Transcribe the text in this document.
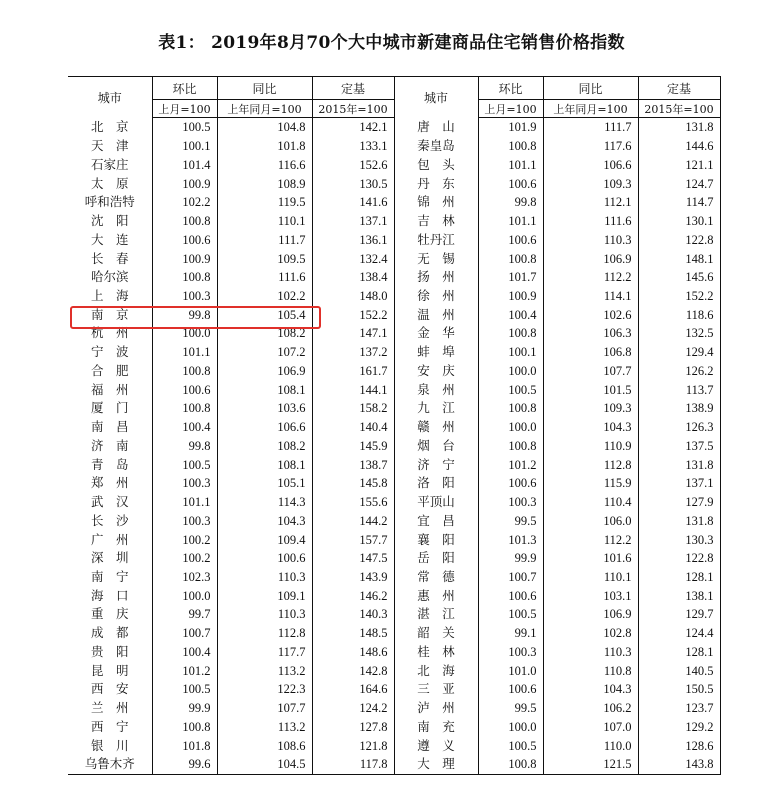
表1： 2019年8月70个大中城市新建商品住宅销售价格指数
城市	环比	同比	定基	城市	环比	同比	定基
	上月=100	上年同月=100	2015年=100		上月=100	上年同月=100	2015年=100
北　京	100.5	104.8	142.1	唐　山	101.9	111.7	131.8
天　津	100.1	101.8	133.1	秦皇岛	100.8	117.6	144.6
石家庄	101.4	116.6	152.6	包　头	101.1	106.6	121.1
太　原	100.9	108.9	130.5	丹　东	100.6	109.3	124.7
呼和浩特	102.2	119.5	141.6	锦　州	99.8	112.1	114.7
沈　阳	100.8	110.1	137.1	吉　林	101.1	111.6	130.1
大　连	100.6	111.7	136.1	牡丹江	100.6	110.3	122.8
长　春	100.9	109.5	132.4	无　锡	100.8	106.9	148.1
哈尔滨	100.8	111.6	138.4	扬　州	101.7	112.2	145.6
上　海	100.3	102.2	148.0	徐　州	100.9	114.1	152.2
南　京	99.8	105.4	152.2	温　州	100.4	102.6	118.6
杭　州	100.0	108.2	147.1	金　华	100.8	106.3	132.5
宁　波	101.1	107.2	137.2	蚌　埠	100.1	106.8	129.4
合　肥	100.8	106.9	161.7	安　庆	100.0	107.7	126.2
福　州	100.6	108.1	144.1	泉　州	100.5	101.5	113.7
厦　门	100.8	103.6	158.2	九　江	100.8	109.3	138.9
南　昌	100.4	106.6	140.4	赣　州	100.0	104.3	126.3
济　南	99.8	108.2	145.9	烟　台	100.8	110.9	137.5
青　岛	100.5	108.1	138.7	济　宁	101.2	112.8	131.8
郑　州	100.3	105.1	145.8	洛　阳	100.6	115.9	137.1
武　汉	101.1	114.3	155.6	平顶山	100.3	110.4	127.9
长　沙	100.3	104.3	144.2	宜　昌	99.5	106.0	131.8
广　州	100.2	109.4	157.7	襄　阳	101.3	112.2	130.3
深　圳	100.2	100.6	147.5	岳　阳	99.9	101.6	122.8
南　宁	102.3	110.3	143.9	常　德	100.7	110.1	128.1
海　口	100.0	109.1	146.2	惠　州	100.6	103.1	138.1
重　庆	99.7	110.3	140.3	湛　江	100.5	106.9	129.7
成　都	100.7	112.8	148.5	韶　关	99.1	102.8	124.4
贵　阳	100.4	117.7	148.6	桂　林	100.3	110.3	128.1
昆　明	101.2	113.2	142.8	北　海	101.0	110.8	140.5
西　安	100.5	122.3	164.6	三　亚	100.6	104.3	150.5
兰　州	99.9	107.7	124.2	泸　州	99.5	106.2	123.7
西　宁	100.8	113.2	127.8	南　充	100.0	107.0	129.2
银　川	101.8	108.6	121.8	遵　义	100.5	110.0	128.6
乌鲁木齐	99.6	104.5	117.8	大　理	100.8	121.5	143.8
